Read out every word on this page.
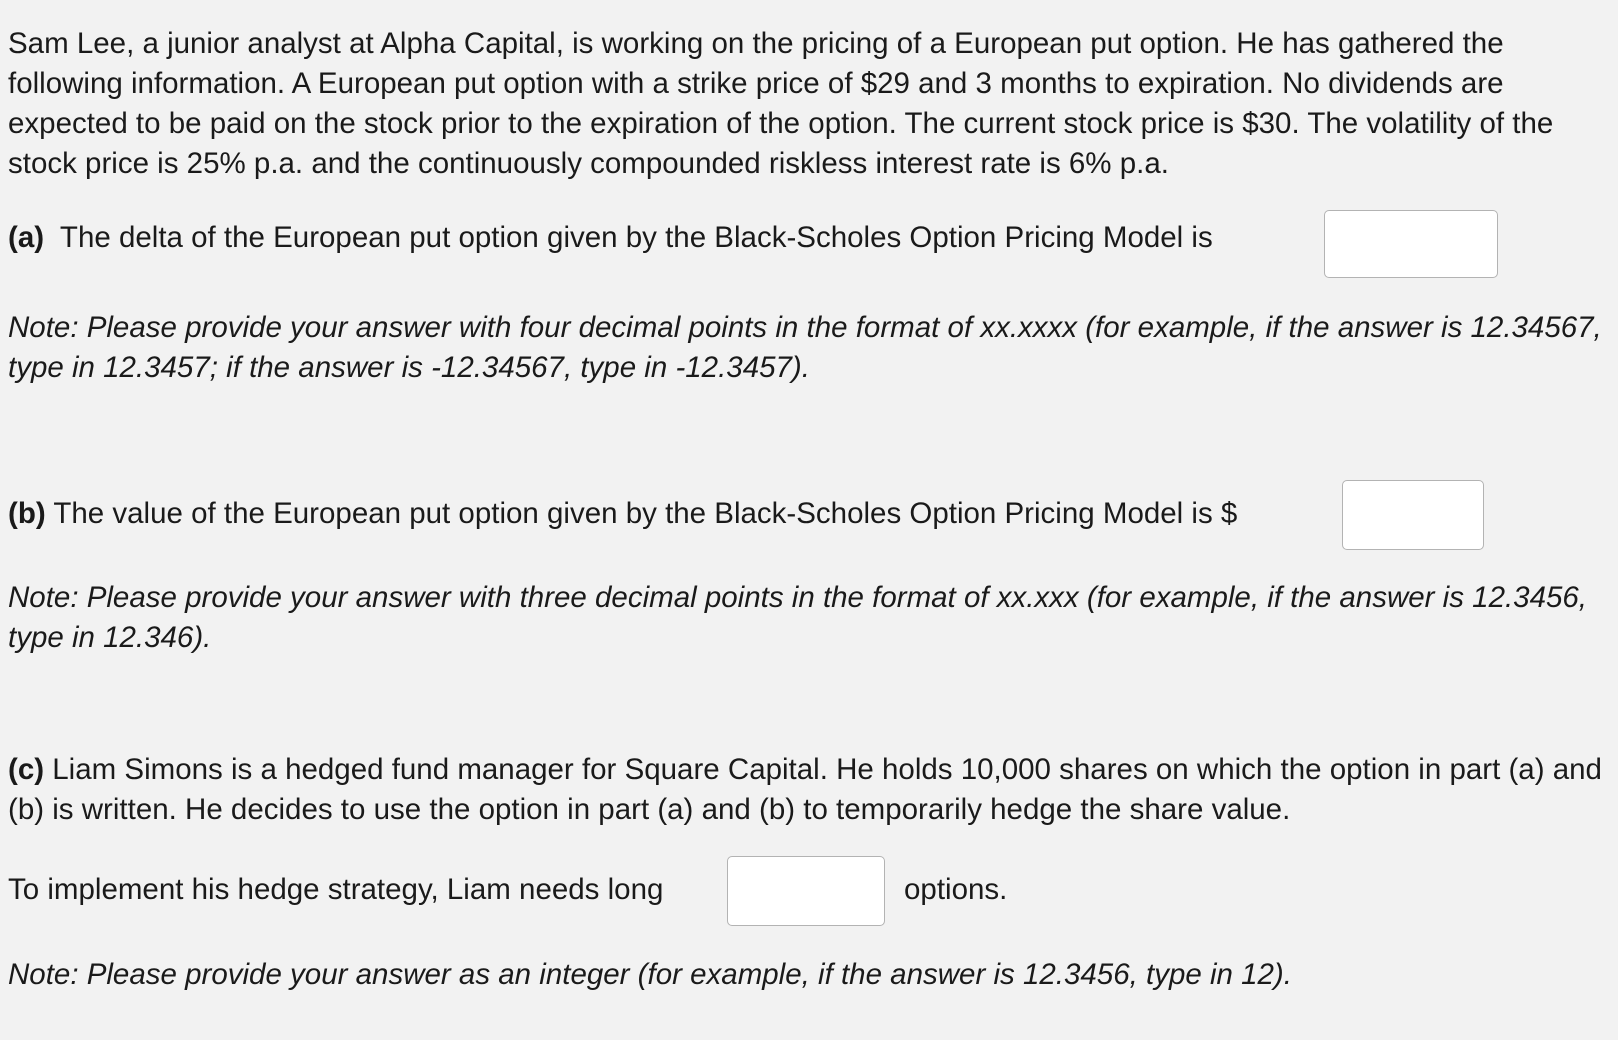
Sam Lee, a junior analyst at Alpha Capital, is working on the pricing of a European put option. He has gathered the following information. A European put option with a strike price of $29 and 3 months to expiration. No dividends are expected to be paid on the stock prior to the expiration of the option. The current stock price is $30. The volatility of the stock price is 25% p.a. and the continuously compounded riskless interest rate is 6% p.a.

(a) The delta of the European put option given by the Black-Scholes Option Pricing Model is

Note: Please provide your answer with four decimal points in the format of xx.xxxx (for example, if the answer is 12.34567, type in 12.3457; if the answer is -12.34567, type in -12.3457).

(b) The value of the European put option given by the Black-Scholes Option Pricing Model is $

Note: Please provide your answer with three decimal points in the format of xx.xxx (for example, if the answer is 12.3456, type in 12.346).

(c) Liam Simons is a hedged fund manager for Square Capital. He holds 10,000 shares on which the option in part (a) and (b) is written. He decides to use the option in part (a) and (b) to temporarily hedge the share value.

To implement his hedge strategy, Liam needs long	options.

Note: Please provide your answer as an integer (for example, if the answer is 12.3456, type in 12).
